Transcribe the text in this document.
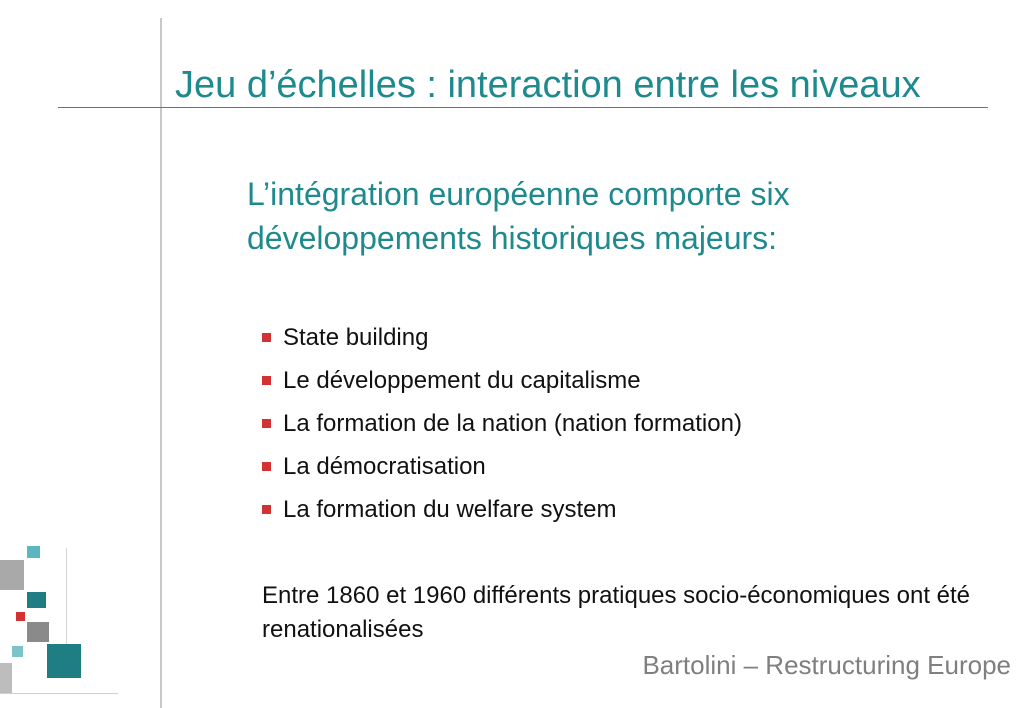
Jeu d’échelles : interaction entre les niveaux
L’intégration européenne comporte six développements historiques majeurs:
State building
Le développement du capitalisme
La formation de la nation (nation formation)
La démocratisation
La formation du welfare system
Entre 1860 et 1960 différents pratiques socio-économiques ont été renationalisées
Bartolini – Restructuring Europe
